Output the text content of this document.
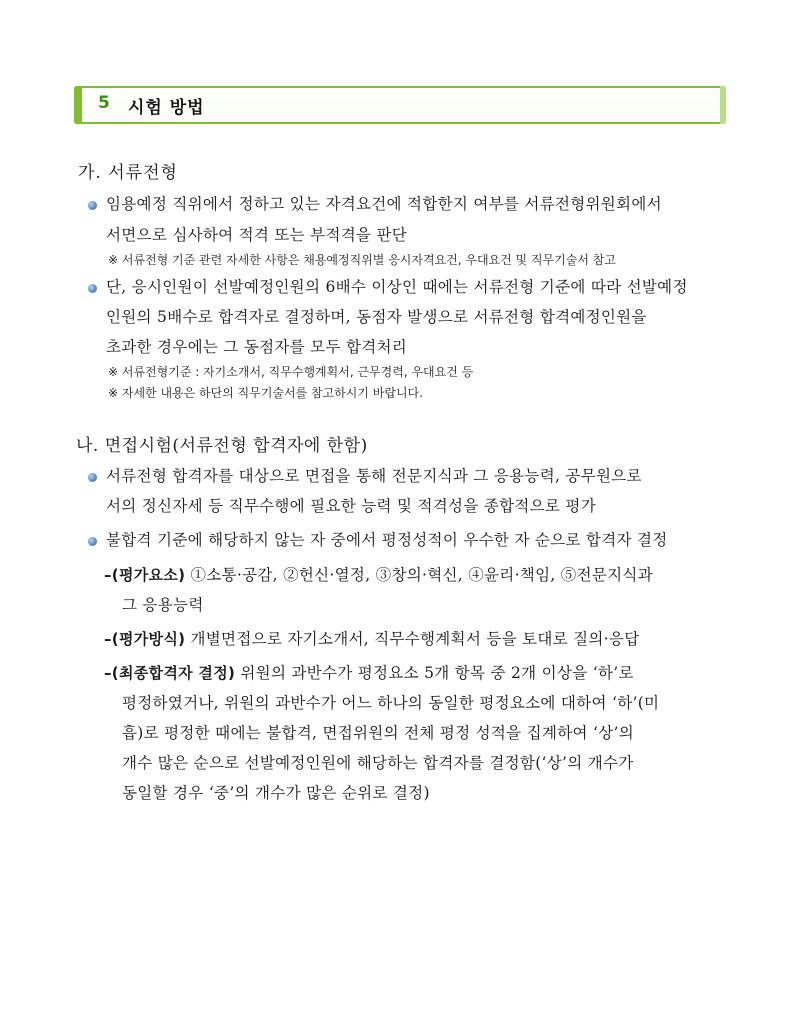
5 시험 방법
가. 서류전형
임용예정 직위에서 정하고 있는 자격요건에 적합한지 여부를 서류전형위원회에서
서면으로 심사하여 적격 또는 부적격을 판단
※ 서류전형 기준 관련 자세한 사항은 채용예정직위별 응시자격요건, 우대요건 및 직무기술서 참고
단, 응시인원이 선발예정인원의 6배수 이상인 때에는 서류전형 기준에 따라 선발예정
인원의 5배수로 합격자로 결정하며, 동점자 발생으로 서류전형 합격예정인원을
초과한 경우에는 그 동점자를 모두 합격처리
※ 서류전형기준 : 자기소개서, 직무수행계획서, 근무경력, 우대요건 등
※ 자세한 내용은 하단의 직무기술서를 참고하시기 바랍니다.
나. 면접시험(서류전형 합격자에 한함)
서류전형 합격자를 대상으로 면접을 통해 전문지식과 그 응용능력, 공무원으로
서의 정신자세 등 직무수행에 필요한 능력 및 적격성을 종합적으로 평가
불합격 기준에 해당하지 않는 자 중에서 평정성적이 우수한 자 순으로 합격자 결정
–(평가요소) ①소통·공감, ②헌신·열정, ③창의·혁신, ④윤리·책임, ⑤전문지식과
그 응용능력
–(평가방식) 개별면접으로 자기소개서, 직무수행계획서 등을 토대로 질의·응답
–(최종합격자 결정) 위원의 과반수가 평정요소 5개 항목 중 2개 이상을 ‘하’로
평정하였거나, 위원의 과반수가 어느 하나의 동일한 평정요소에 대하여 ‘하’(미
흡)로 평정한 때에는 불합격, 면접위원의 전체 평정 성적을 집계하여 ‘상’의
개수 많은 순으로 선발예정인원에 해당하는 합격자를 결정함(‘상’의 개수가
동일할 경우 ‘중’의 개수가 많은 순위로 결정)
